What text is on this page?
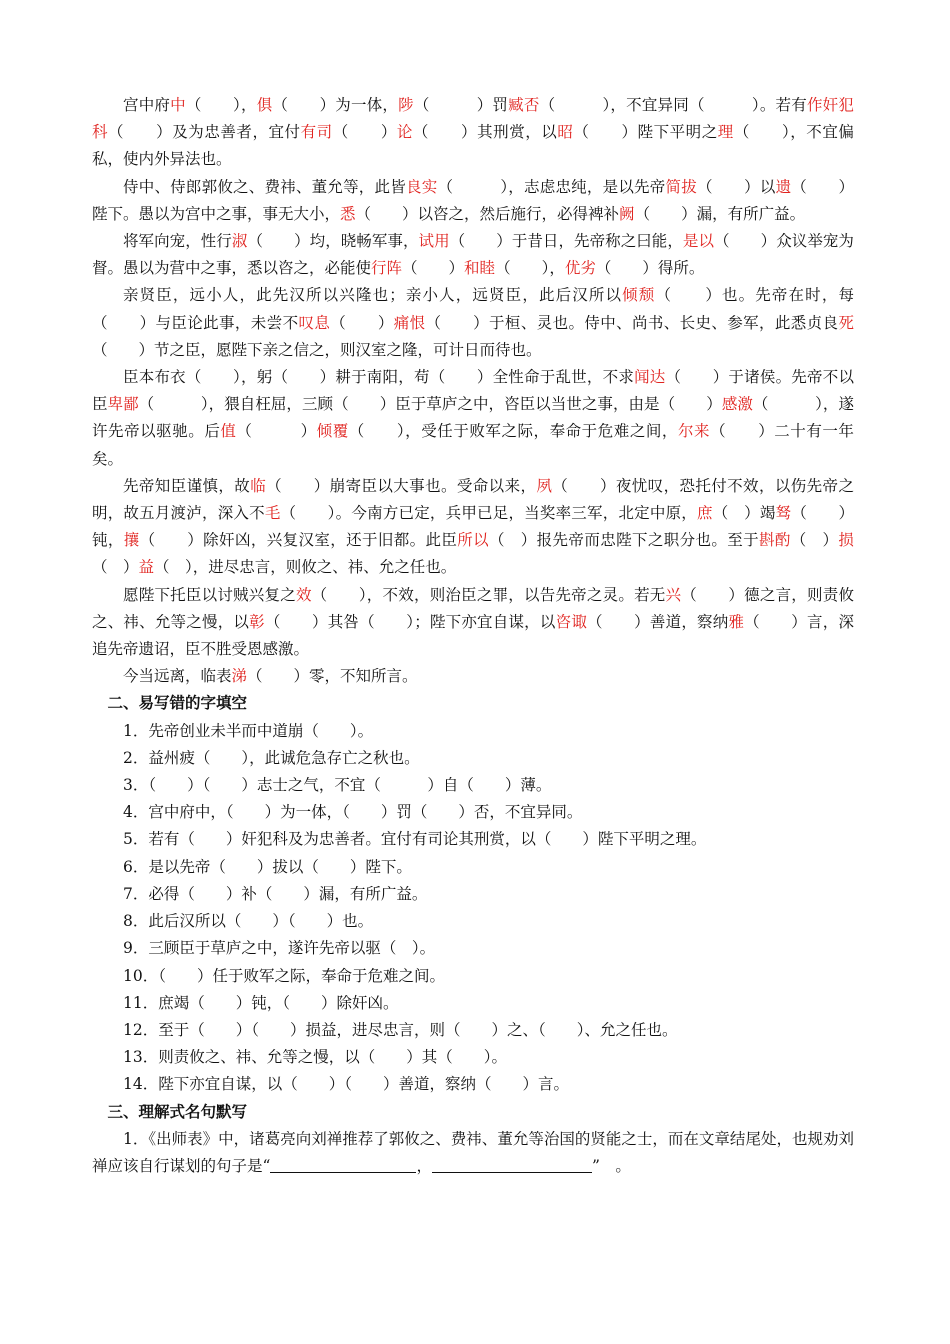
宫中府中（　　），俱（　　）为一体，陟（　　　）罚臧否（　　　），不宜异同（　　　）。若有作奸犯科（　　）及为忠善者，宜付有司（　　）论（　　）其刑赏，以昭（　　）陛下平明之理（　　），不宜偏私，使内外异法也。

侍中、侍郎郭攸之、费祎、董允等，此皆良实（　　　），志虑忠纯，是以先帝简拔（　　）以遗（　　）陛下。愚以为宫中之事，事无大小，悉（　　）以咨之，然后施行，必得裨补阙（　　）漏，有所广益。

将军向宠，性行淑（　　）均，晓畅军事，试用（　　）于昔日，先帝称之曰能，是以（　　）众议举宠为督。愚以为营中之事，悉以咨之，必能使行阵（　　）和睦（　　），优劣（　　）得所。

亲贤臣，远小人，此先汉所以兴隆也；亲小人，远贤臣，此后汉所以倾颓（　　）也。先帝在时，每（　　）与臣论此事，未尝不叹息（　　）痛恨（　　）于桓、灵也。侍中、尚书、长史、参军，此悉贞良死（　　）节之臣，愿陛下亲之信之，则汉室之隆，可计日而待也。

臣本布衣（　　），躬（　　）耕于南阳，苟（　　）全性命于乱世，不求闻达（　　）于诸侯。先帝不以臣卑鄙（　　　），猥自枉屈，三顾（　　）臣于草庐之中，咨臣以当世之事，由是（　　）感激（　　　），遂许先帝以驱驰。后值（　　　）倾覆（　　），受任于败军之际，奉命于危难之间，尔来（　　）二十有一年矣。

先帝知臣谨慎，故临（　　）崩寄臣以大事也。受命以来，夙（　　）夜忧叹，恐托付不效，以伤先帝之明，故五月渡泸，深入不毛（　　）。今南方已定，兵甲已足，当奖率三军，北定中原，庶（　）竭驽（　　）钝，攘（　　）除奸凶，兴复汉室，还于旧都。此臣所以（　）报先帝而忠陛下之职分也。至于斟酌（　）损（　）益（　），进尽忠言，则攸之、祎、允之任也。

愿陛下托臣以讨贼兴复之效（　　），不效，则治臣之罪，以告先帝之灵。若无兴（　　）德之言，则责攸之、祎、允等之慢，以彰（　　）其咎（　　）；陛下亦宜自谋，以咨诹（　　）善道，察纳雅（　　）言，深追先帝遗诏，臣不胜受恩感激。

今当远离，临表涕（　　）零，不知所言。

二、易写错的字填空

1．先帝创业未半而中道崩（　　）。

2．益州疲（　　），此诚危急存亡之秋也。

3．（　　）（　　）志士之气，不宜（　　　）自（　　）薄。

4．宫中府中，（　　）为一体，（　　）罚（　　）否，不宜异同。

5．若有（　　）奸犯科及为忠善者。宜付有司论其刑赏，以（　　）陛下平明之理。

6．是以先帝（　　）拔以（　　）陛下。

7．必得（　　）补（　　）漏，有所广益。

8．此后汉所以（　　）（　　）也。

9．三顾臣于草庐之中，遂许先帝以驱（　）。

10．（　　）任于败军之际，奉命于危难之间。

11．庶竭（　　）钝，（　　）除奸凶。

12．至于（　　）（　　）损益，进尽忠言，则（　　）之、（　　）、允之任也。

13．则责攸之、祎、允等之慢，以（　　）其（　　）。

14．陛下亦宜自谋，以（　　）（　　）善道，察纳（　　）言。

三、理解式名句默写

1．《出师表》中，诸葛亮向刘禅推荐了郭攸之、费祎、董允等治国的贤能之士，而在文章结尾处，也规劝刘禅应该自行谋划的句子是“	，	”　。
